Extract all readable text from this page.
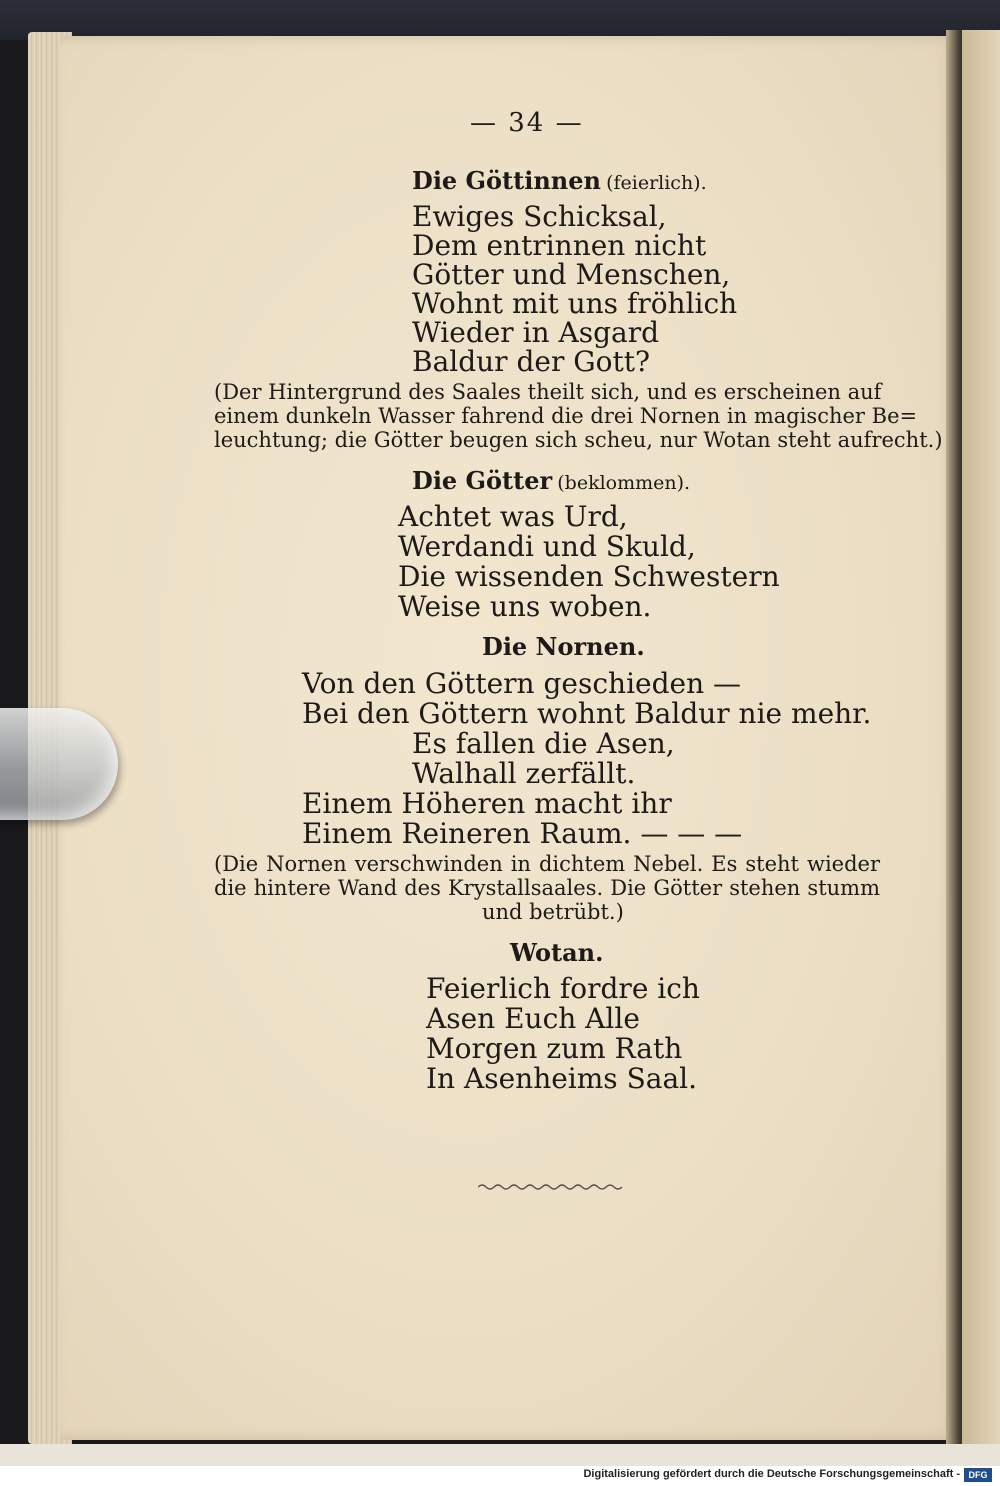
— 34 —
Die Göttinnen (feierlich).
Ewiges Schicksal,
Dem entrinnen nicht
Götter und Menschen,
Wohnt mit uns fröhlich
Wieder in Asgard
Baldur der Gott?
(Der Hintergrund des Saales theilt sich, und es erscheinen auf
einem dunkeln Wasser fahrend die drei Nornen in magischer Be=
leuchtung; die Götter beugen sich scheu, nur Wotan steht aufrecht.)
Die Götter (beklommen).
Achtet was Urd,
Werdandi und Skuld,
Die wissenden Schwestern
Weise uns woben.
Die Nornen.
Von den Göttern geschieden —
Bei den Göttern wohnt Baldur nie mehr.
Es fallen die Asen,
Walhall zerfällt.
Einem Höheren macht ihr
Einem Reineren Raum. — — —
(Die Nornen verschwinden in dichtem Nebel. Es steht wieder
die hintere Wand des Krystallsaales. Die Götter stehen stumm
und betrübt.)
Wotan.
Feierlich fordre ich
Asen Euch Alle
Morgen zum Rath
In Asenheims Saal.
Digitalisierung gefördert durch die Deutsche Forschungsgemeinschaft - DFG
